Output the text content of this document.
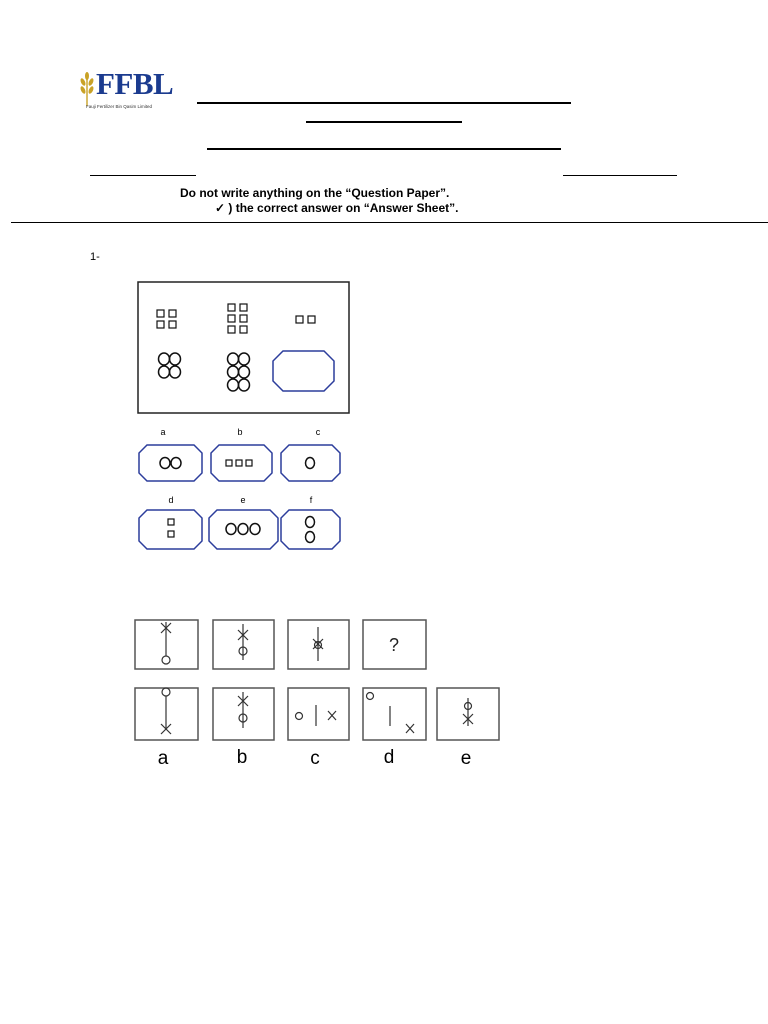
FFBL
Fauji Fertilizer Bin Qasim Limited
Do not write anything on the “Question Paper”.
✓ ) the correct answer on “Answer Sheet”.
1-
a	b	c
d	e	f
?
a	b	c	d	e
